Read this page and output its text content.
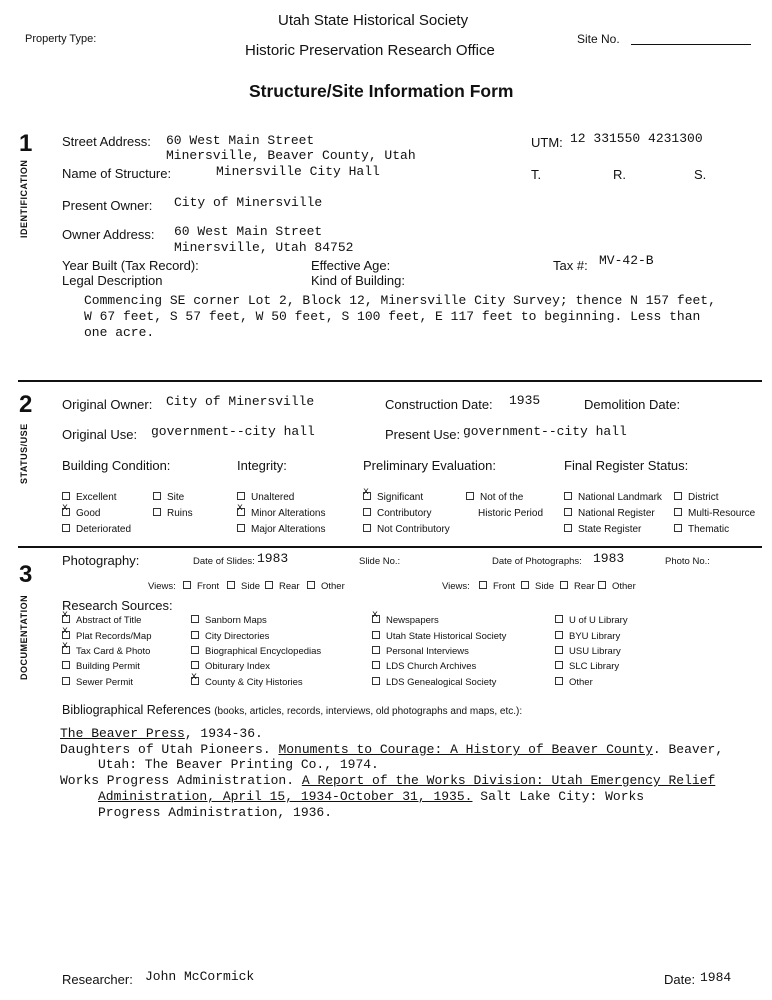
Utah State Historical Society
Property Type:	Site No.
Historic Preservation Research Office
Structure/Site Information Form
1
IDENTIFICATION
Street Address: 60 West Main Street
Minersville, Beaver County, Utah
UTM: 12 331550 4231300
Name of Structure:	Minersville City Hall	T.	R.	S.
Present Owner: City of Minersville
Owner Address: 60 West Main Street
Minersville, Utah 84752
Year Built (Tax Record):	Effective Age:	Tax #: MV-42-B
Legal Description	Kind of Building:
Commencing SE corner Lot 2, Block 12, Minersville City Survey; thence N 157 feet,
W 67 feet, S 57 feet, W 50 feet, S 100 feet, E 117 feet to beginning. Less than
one acre.
2
STATUS/USE
Original Owner: City of Minersville	Construction Date: 1935	Demolition Date:
Original Use: government--city hall	Present Use: government--city hall
Building Condition:	Integrity:	Preliminary Evaluation:	Final Register Status:
Excellent
xGood
Deteriorated
Site
Ruins
Unaltered
xMinor Alterations
Major Alterations
xSignificant
Contributory
Not Contributory
Not of the
Historic Period
National Landmark
National Register
State Register
District
Multi-Resource
Thematic
3
DOCUMENTATION
Photography:	Date of Slides: 1983	Slide No.:	Date of Photographs: 1983	Photo No.:
Views:	Front	Side	Rear	Other	Views:	Front	Side	Rear	Other
Research Sources:
xAbstract of Title
xPlat Records/Map
xTax Card & Photo
Building Permit
Sewer Permit
Sanborn Maps
City Directories
Biographical Encyclopedias
Obiturary Index
xCounty & City Histories
xNewspapers
Utah State Historical Society
Personal Interviews
LDS Church Archives
LDS Genealogical Society
U of U Library
BYU Library
USU Library
SLC Library
Other
Bibliographical References (books, articles, records, interviews, old photographs and maps, etc.):
The Beaver Press, 1934-36.
Daughters of Utah Pioneers. Monuments to Courage: A History of Beaver County. Beaver,
Utah: The Beaver Printing Co., 1974.
Works Progress Administration. A Report of the Works Division: Utah Emergency Relief
Administration, April 15, 1934-October 31, 1935. Salt Lake City: Works
Progress Administration, 1936.
Researcher: John McCormick	Date: 1984
